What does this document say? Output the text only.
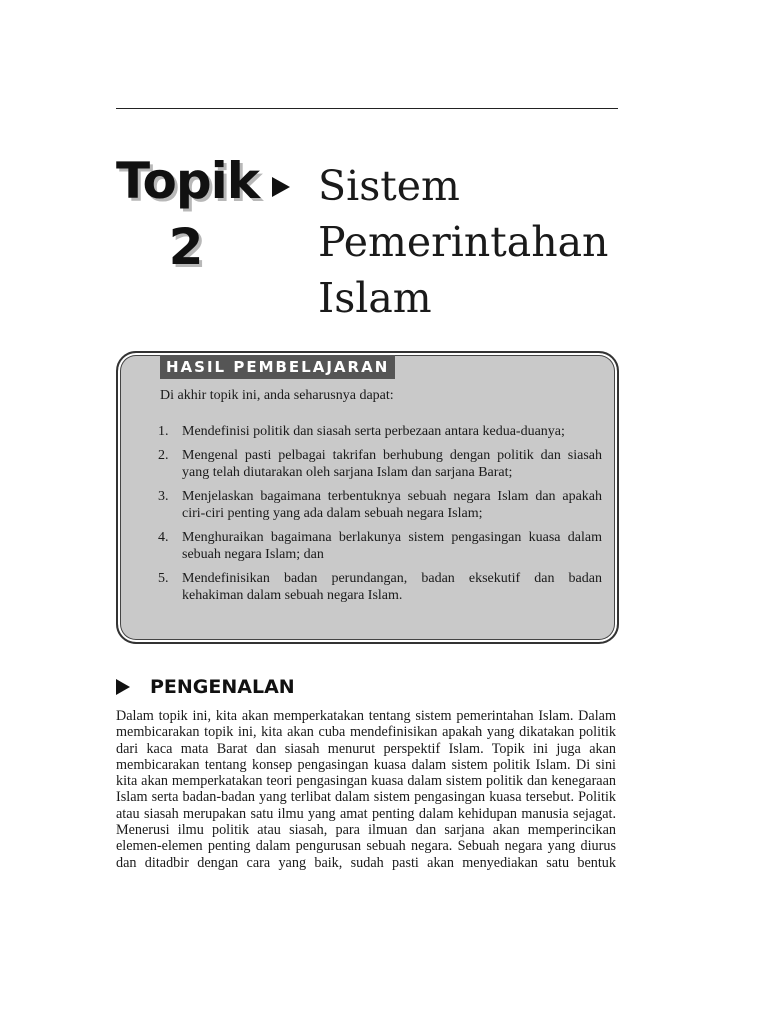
Topik
2
Sistem
Pemerintahan
Islam
HASIL PEMBELAJARAN
Di akhir topik ini, anda seharusnya dapat:
1. Mendefinisi politik dan siasah serta perbezaan antara kedua-duanya;
2. Mengenal pasti pelbagai takrifan berhubung dengan politik dan siasah yang telah diutarakan oleh sarjana Islam dan sarjana Barat;
3. Menjelaskan bagaimana terbentuknya sebuah negara Islam dan apakah ciri-ciri penting yang ada dalam sebuah negara Islam;
4. Menghuraikan bagaimana berlakunya sistem pengasingan kuasa dalam sebuah negara Islam; dan
5. Mendefinisikan badan perundangan, badan eksekutif dan badan kehakiman dalam sebuah negara Islam.
PENGENALAN

Dalam topik ini, kita akan memperkatakan tentang sistem pemerintahan Islam. Dalam membicarakan topik ini, kita akan cuba mendefinisikan apakah yang dikatakan politik dari kaca mata Barat dan siasah menurut perspektif Islam. Topik ini juga akan membicarakan tentang konsep pengasingan kuasa dalam sistem politik Islam. Di sini kita akan memperkatakan teori pengasingan kuasa dalam sistem politik dan kenegaraan Islam serta badan-badan yang terlibat dalam sistem pengasingan kuasa tersebut. Politik atau siasah merupakan satu ilmu yang amat penting dalam kehidupan manusia sejagat. Menerusi ilmu politik atau siasah, para ilmuan dan sarjana akan memperincikan elemen-elemen penting dalam pengurusan sebuah negara. Sebuah negara yang diurus dan ditadbir dengan cara yang baik, sudah pasti akan menyediakan satu bentuk
